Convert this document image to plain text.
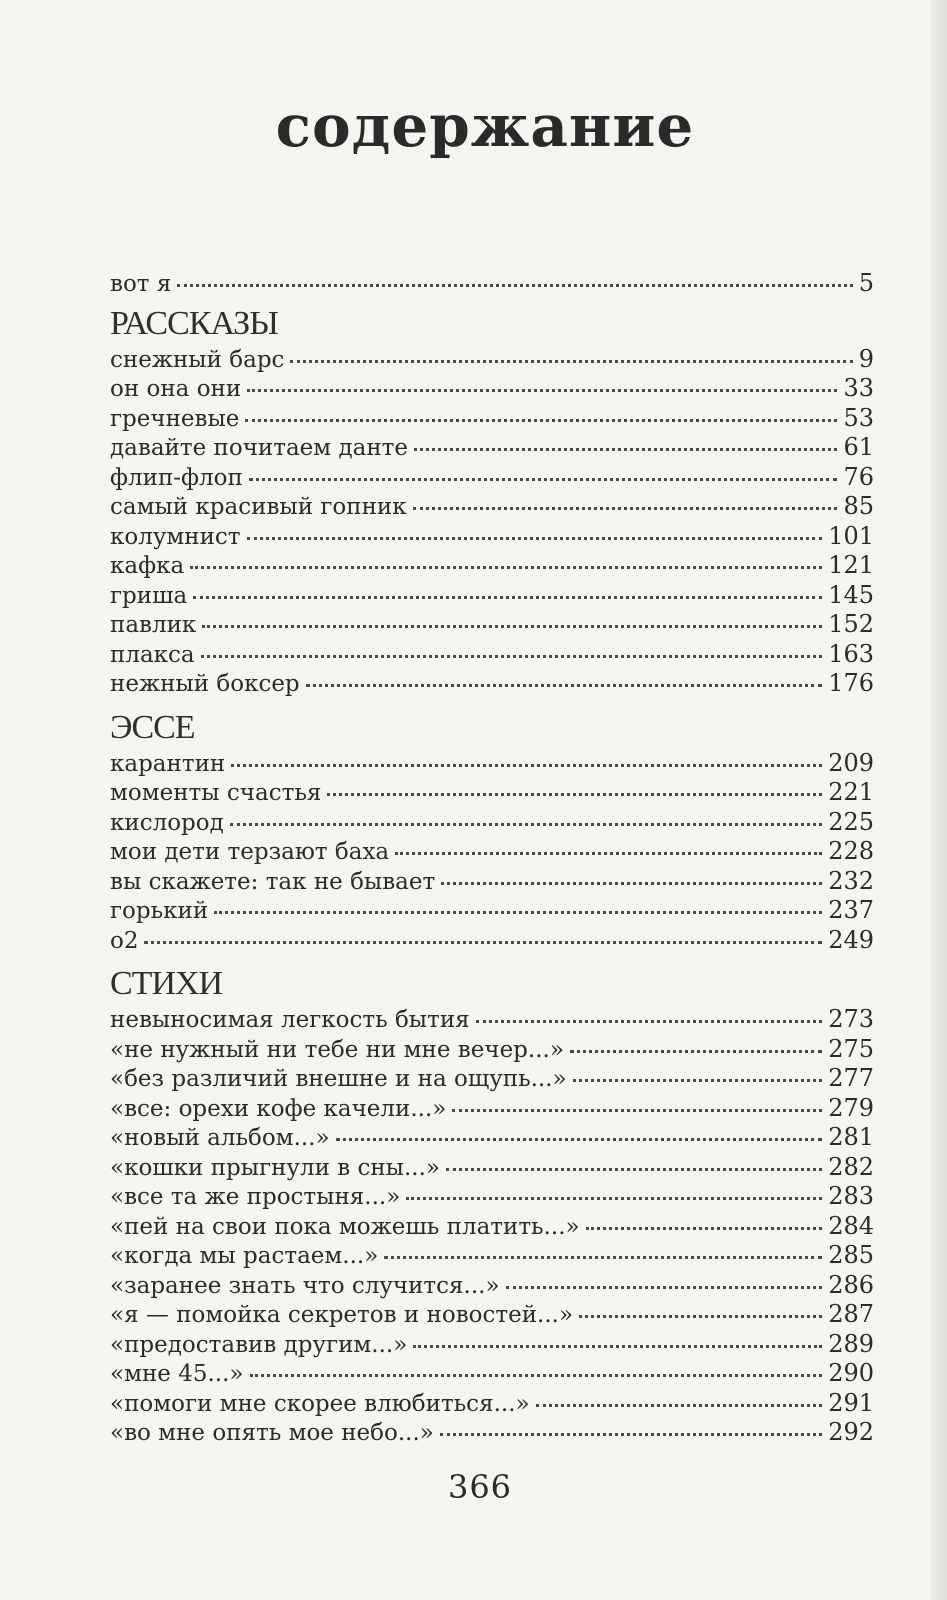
содержание
вот я	5
РАССКАЗЫ
снежный барс	9
он она они	33
гречневые	53
давайте почитаем данте	61
флип-флоп	76
самый красивый гопник	85
колумнист	101
кафка	121
гриша	145
павлик	152
плакса	163
нежный боксер	176
ЭССЕ
карантин	209
моменты счастья	221
кислород	225
мои дети терзают баха	228
вы скажете: так не бывает	232
горький	237
о2	249
СТИХИ
невыносимая легкость бытия	273
«не нужный ни тебе ни мне вечер...»	275
«без различий внешне и на ощупь...»	277
«все: орехи кофе качели...»	279
«новый альбом...»	281
«кошки прыгнули в сны...»	282
«все та же простыня...»	283
«пей на свои пока можешь платить...»	284
«когда мы растаем...»	285
«заранее знать что случится...»	286
«я — помойка секретов и новостей...»	287
«предоставив другим...»	289
«мне 45...»	290
«помоги мне скорее влюбиться...»	291
«во мне опять мое небо...»	292
366
